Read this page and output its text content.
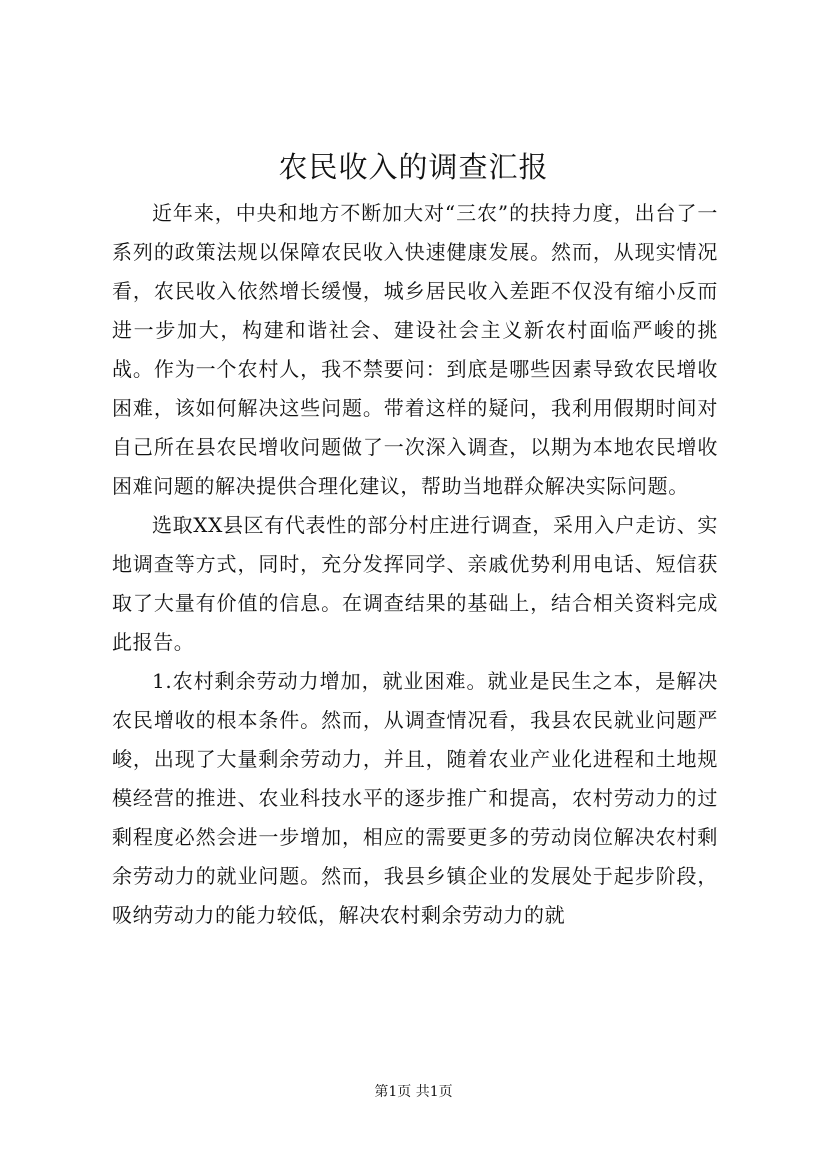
农民收入的调查汇报

近年来，中央和地方不断加大对“三农”的扶持力度，出台了一系列的政策法规以保障农民收入快速健康发展。然而，从现实情况看，农民收入依然增长缓慢，城乡居民收入差距不仅没有缩小反而进一步加大，构建和谐社会、建设社会主义新农村面临严峻的挑战。作为一个农村人，我不禁要问：到底是哪些因素导致农民增收困难，该如何解决这些问题。带着这样的疑问，我利用假期时间对自己所在县农民增收问题做了一次深入调查，以期为本地农民增收困难问题的解决提供合理化建议，帮助当地群众解决实际问题。

选取XX县区有代表性的部分村庄进行调查，采用入户走访、实地调查等方式，同时，充分发挥同学、亲戚优势利用电话、短信获取了大量有价值的信息。在调查结果的基础上，结合相关资料完成此报告。

1.农村剩余劳动力增加，就业困难。就业是民生之本，是解决农民增收的根本条件。然而，从调查情况看，我县农民就业问题严峻，出现了大量剩余劳动力，并且，随着农业产业化进程和土地规模经营的推进、农业科技水平的逐步推广和提高，农村劳动力的过剩程度必然会进一步增加，相应的需要更多的劳动岗位解决农村剩余劳动力的就业问题。然而，我县乡镇企业的发展处于起步阶段，吸纳劳动力的能力较低，解决农村剩余劳动力的就

第1页 共1页
